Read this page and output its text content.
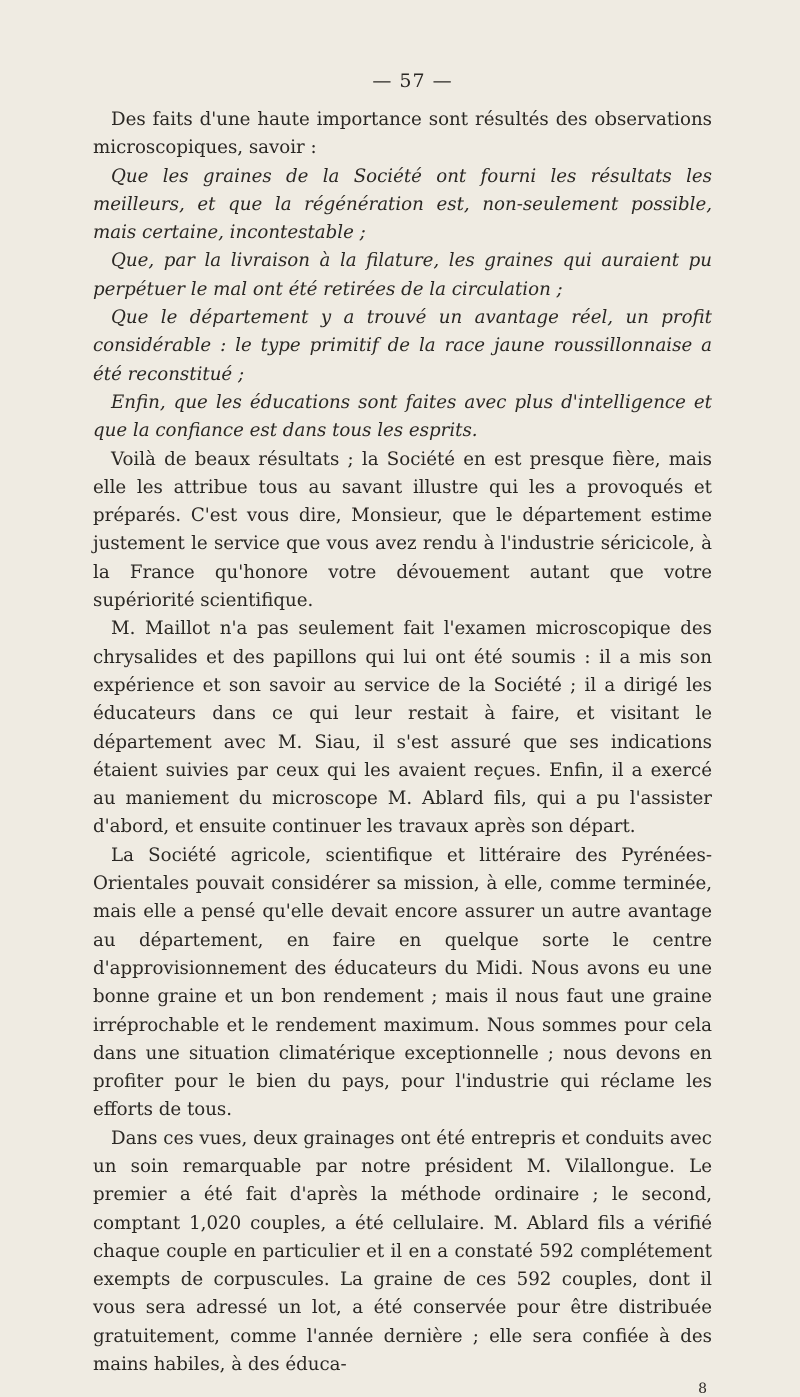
— 57 —

Des faits d'une haute importance sont résultés des observations microscopiques, savoir :

Que les graines de la Société ont fourni les résultats les meilleurs, et que la régénération est, non-seulement possible, mais certaine, incontestable ;

Que, par la livraison à la filature, les graines qui auraient pu perpétuer le mal ont été retirées de la circulation ;

Que le département y a trouvé un avantage réel, un profit considérable : le type primitif de la race jaune roussillonnaise a été reconstitué ;

Enfin, que les éducations sont faites avec plus d'intelligence et que la confiance est dans tous les esprits.

Voilà de beaux résultats ; la Société en est presque fière, mais elle les attribue tous au savant illustre qui les a provoqués et préparés. C'est vous dire, Monsieur, que le département estime justement le service que vous avez rendu à l'industrie séricicole, à la France qu'honore votre dévouement autant que votre supériorité scientifique.

M. Maillot n'a pas seulement fait l'examen microscopique des chrysalides et des papillons qui lui ont été soumis : il a mis son expérience et son savoir au service de la Société ; il a dirigé les éducateurs dans ce qui leur restait à faire, et visitant le département avec M. Siau, il s'est assuré que ses indications étaient suivies par ceux qui les avaient reçues. Enfin, il a exercé au maniement du microscope M. Ablard fils, qui a pu l'assister d'abord, et ensuite continuer les travaux après son départ.

La Société agricole, scientifique et littéraire des Pyrénées-Orientales pouvait considérer sa mission, à elle, comme terminée, mais elle a pensé qu'elle devait encore assurer un autre avantage au département, en faire en quelque sorte le centre d'approvisionnement des éducateurs du Midi. Nous avons eu une bonne graine et un bon rendement ; mais il nous faut une graine irréprochable et le rendement maximum. Nous sommes pour cela dans une situation climatérique exceptionnelle ; nous devons en profiter pour le bien du pays, pour l'industrie qui réclame les efforts de tous.

Dans ces vues, deux grainages ont été entrepris et conduits avec un soin remarquable par notre président M. Vilallongue. Le premier a été fait d'après la méthode ordinaire ; le second, comptant 1,020 couples, a été cellulaire. M. Ablard fils a vérifié chaque couple en particulier et il en a constaté 592 complétement exempts de corpuscules. La graine de ces 592 couples, dont il vous sera adressé un lot, a été conservée pour être distribuée gratuitement, comme l'année dernière ; elle sera confiée à des mains habiles, à des éduca-

8
